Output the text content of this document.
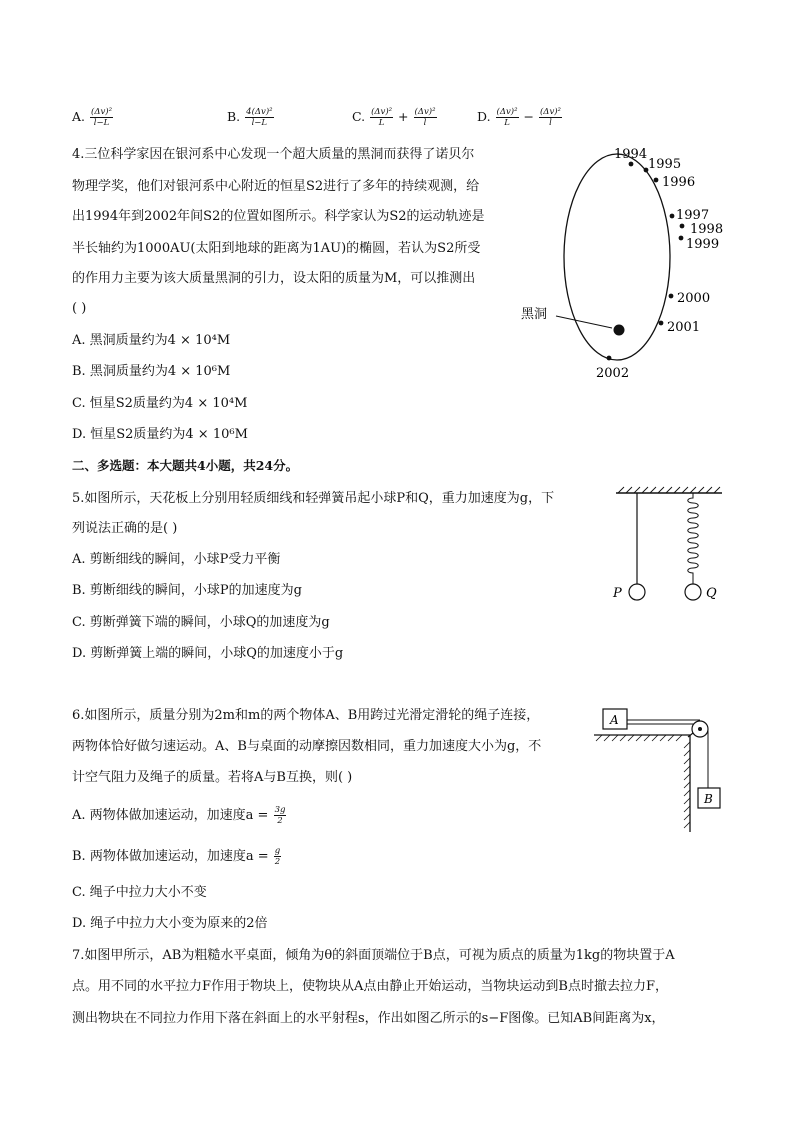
A. $\frac{\text{(Δv)²}}{l-L}$	B. $\frac{\text{4(Δv)²}}{l-L}$	C. $\frac{\text{(Δv)²}}{L} + \frac{\text{(Δv)²}}{l}$	D. $\frac{\text{(Δv)²}}{L} - \frac{\text{(Δv)²}}{l}$
4.三位科学家因在银河系中心发现一个超大质量的黑洞而获得了诺贝尔
物理学奖，他们对银河系中心附近的恒星S2进行了多年的持续观测，给
出1994年到2002年间S2的位置如图所示。科学家认为S2的运动轨迹是
半长轴约为1000AU(太阳到地球的距离为1AU)的椭圆，若认为S2所受
的作用力主要为该大质量黑洞的引力，设太阳的质量为M，可以推测出
( )
A. 黑洞质量约为4 × 10⁴M
B. 黑洞质量约为4 × 10⁶M
C. 恒星S2质量约为4 × 10⁴M
D. 恒星S2质量约为4 × 10⁶M
1994
1995
1996
1997
1998
1999
2000
2001
2002
黑洞
二、多选题：本大题共4小题，共24分。
5.如图所示，天花板上分别用轻质细线和轻弹簧吊起小球P和Q，重力加速度为g，下
列说法正确的是( )
A. 剪断细线的瞬间，小球P受力平衡
B. 剪断细线的瞬间，小球P的加速度为g
C. 剪断弹簧下端的瞬间，小球Q的加速度为g
D. 剪断弹簧上端的瞬间，小球Q的加速度小于g
P	Q
6.如图所示，质量分别为2m和m的两个物体A、B用跨过光滑定滑轮的绳子连接，
两物体恰好做匀速运动。A、B与桌面的动摩擦因数相同，重力加速度大小为g，不
计空气阻力及绳子的质量。若将A与B互换，则( )
A. 两物体做加速运动，加速度$a = \frac{3g}{2}$
B. 两物体做加速运动，加速度$a = \frac{g}{2}$
C. 绳子中拉力大小不变
D. 绳子中拉力大小变为原来的2倍
A
B
7.如图甲所示，AB为粗糙水平桌面，倾角为θ的斜面顶端位于B点，可视为质点的质量为1kg的物块置于A
点。用不同的水平拉力F作用于物块上，使物块从A点由静止开始运动，当物块运动到B点时撤去拉力F，
测出物块在不同拉力作用下落在斜面上的水平射程s，作出如图乙所示的s−F图像。已知AB间距离为x，
